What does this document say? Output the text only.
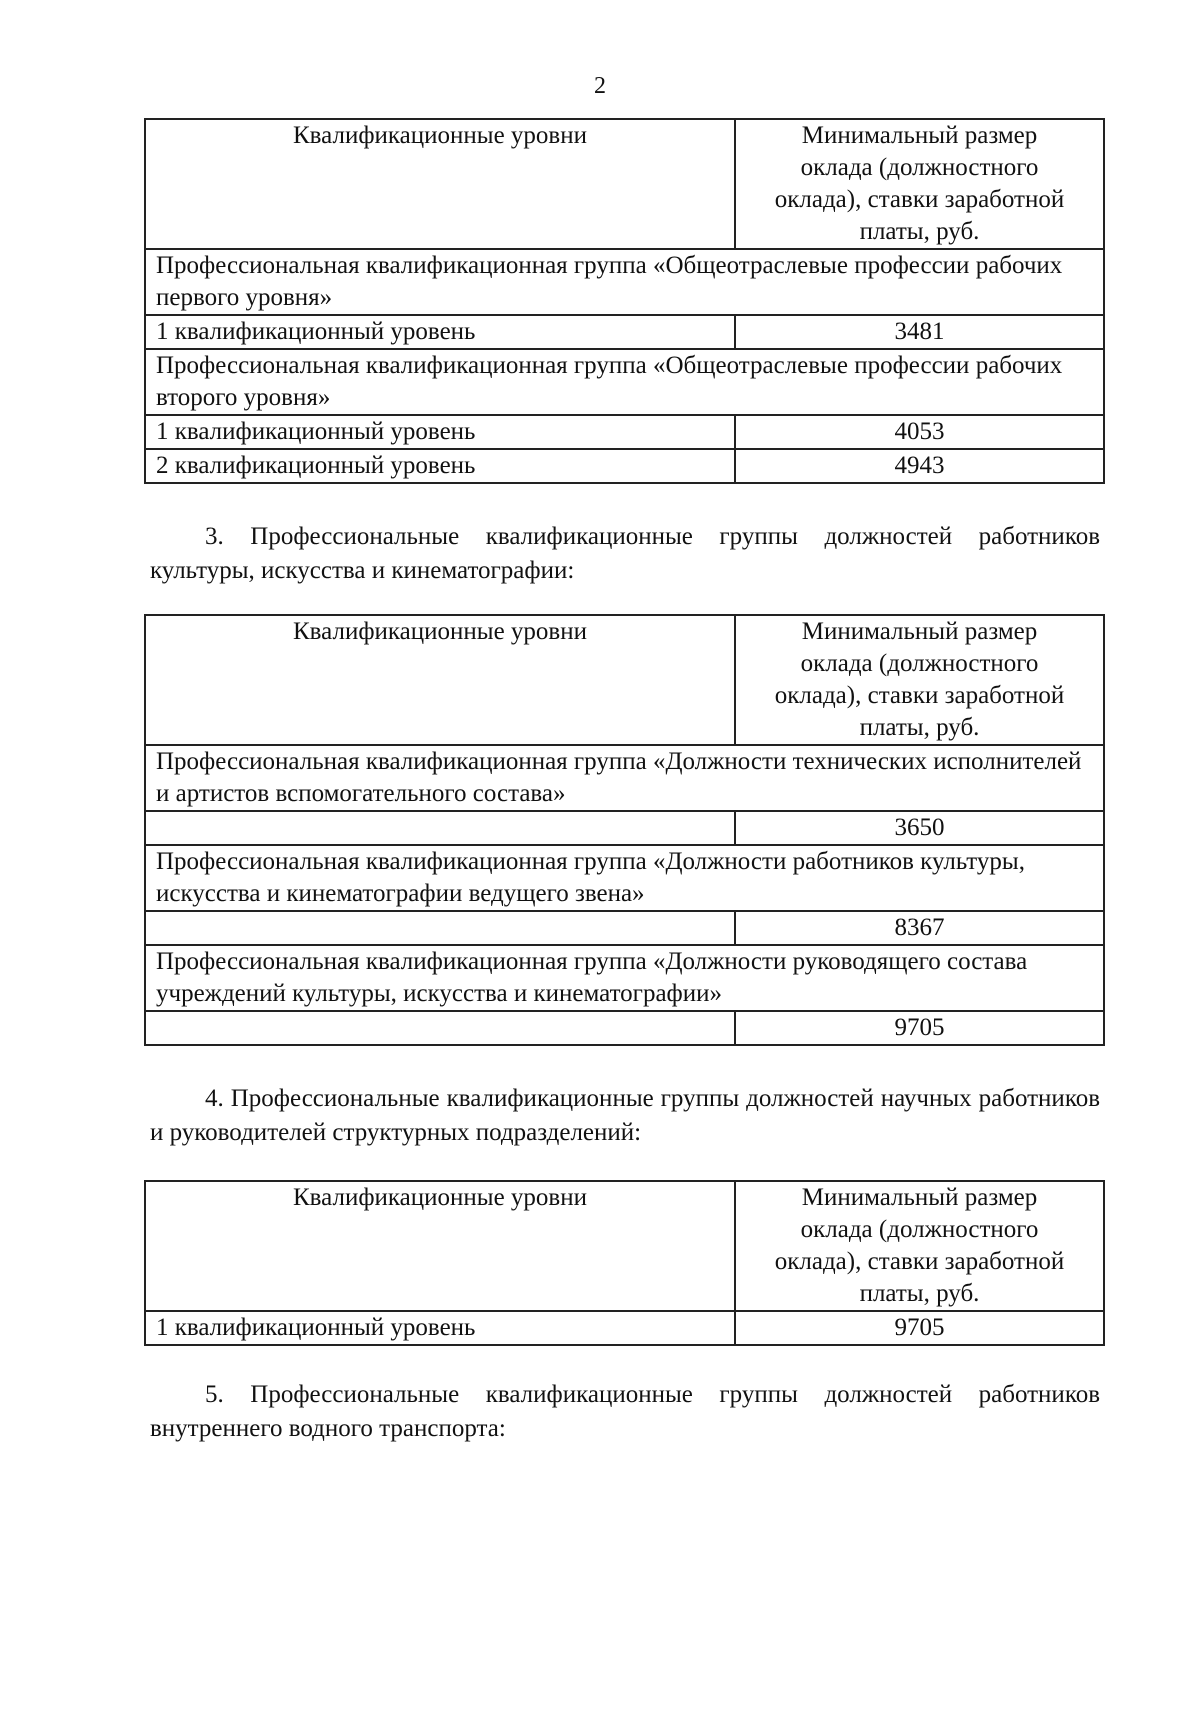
2
Квалификационные уровни	Минимальный размер
оклада (должностного
оклада), ставки заработной
платы, руб.

Профессиональная квалификационная группа «Общеотраслевые профессии рабочих первого уровня»	
1 квалификационный уровень	3481
Профессиональная квалификационная группа «Общеотраслевые профессии рабочих второго уровня»	
1 квалификационный уровень	4053
2 квалификационный уровень	4943

3. Профессиональные квалификационные группы должностей работников культуры, искусства и кинематографии:

Квалификационные уровни	Минимальный размер
оклада (должностного
оклада), ставки заработной
платы, руб.

Профессиональная квалификационная группа «Должности технических исполнителей и артистов вспомогательного состава»	
	3650
Профессиональная квалификационная группа «Должности работников культуры, искусства и кинематографии ведущего звена»	
	8367
Профессиональная квалификационная группа «Должности руководящего состава учреждений культуры, искусства и кинематографии»	
	9705

4. Профессиональные квалификационные группы должностей научных работников и руководителей структурных подразделений:

Квалификационные уровни	Минимальный размер
оклада (должностного
оклада), ставки заработной
платы, руб.

1 квалификационный уровень	9705

5. Профессиональные квалификационные группы должностей работников внутреннего водного транспорта:
